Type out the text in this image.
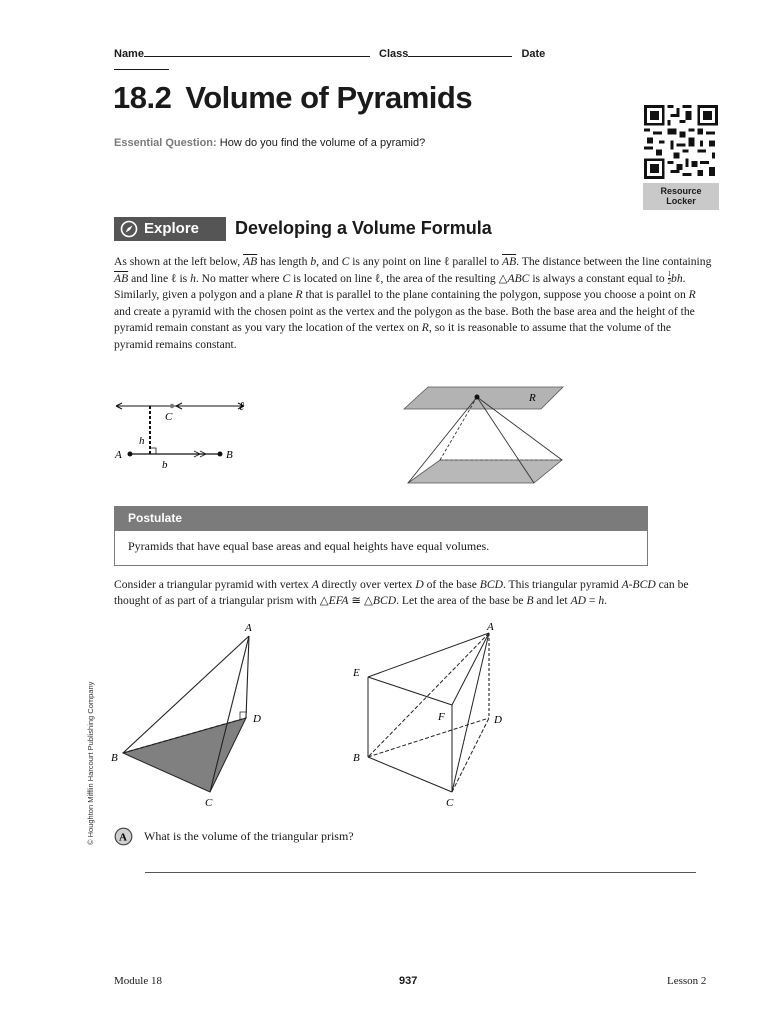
Name	Class	Date
18.2 Volume of Pyramids
Essential Question: How do you find the volume of a pyramid?
Resource
Locker
Explore	Developing a Volume Formula
As shown at the left below, $\overline{AB}$ has length b, and C is any point on line ℓ parallel to $\overline{AB}$. The distance between the line containing $\overline{AB}$ and line ℓ is h. No matter where C is located on line ℓ, the area of the resulting △ABC is always a constant equal to $\frac{1}{2}$ bh. Similarly, given a polygon and a plane R that is parallel to the plane containing the polygon, suppose you choose a point on R and create a pyramid with the chosen point as the vertex and the polygon as the base. Both the base area and the height of the pyramid remain constant as you vary the location of the vertex on R, so it is reasonable to assume that the volume of the pyramid remains constant.
ℓ
C
h
A	B
b
R
Postulate
Pyramids that have equal base areas and equal heights have equal volumes.
Consider a triangular pyramid with vertex A directly over vertex D of the base BCD. This triangular pyramid A-BCD can be thought of as part of a triangular prism with △EFA ≅ △BCD. Let the area of the base be B and let AD = h.
A
D
B
C
A
E
F	D
B
C
A What is the volume of the triangular prism?
© Houghton Mifflin Harcourt Publishing Company
Module 18	937	Lesson 2
